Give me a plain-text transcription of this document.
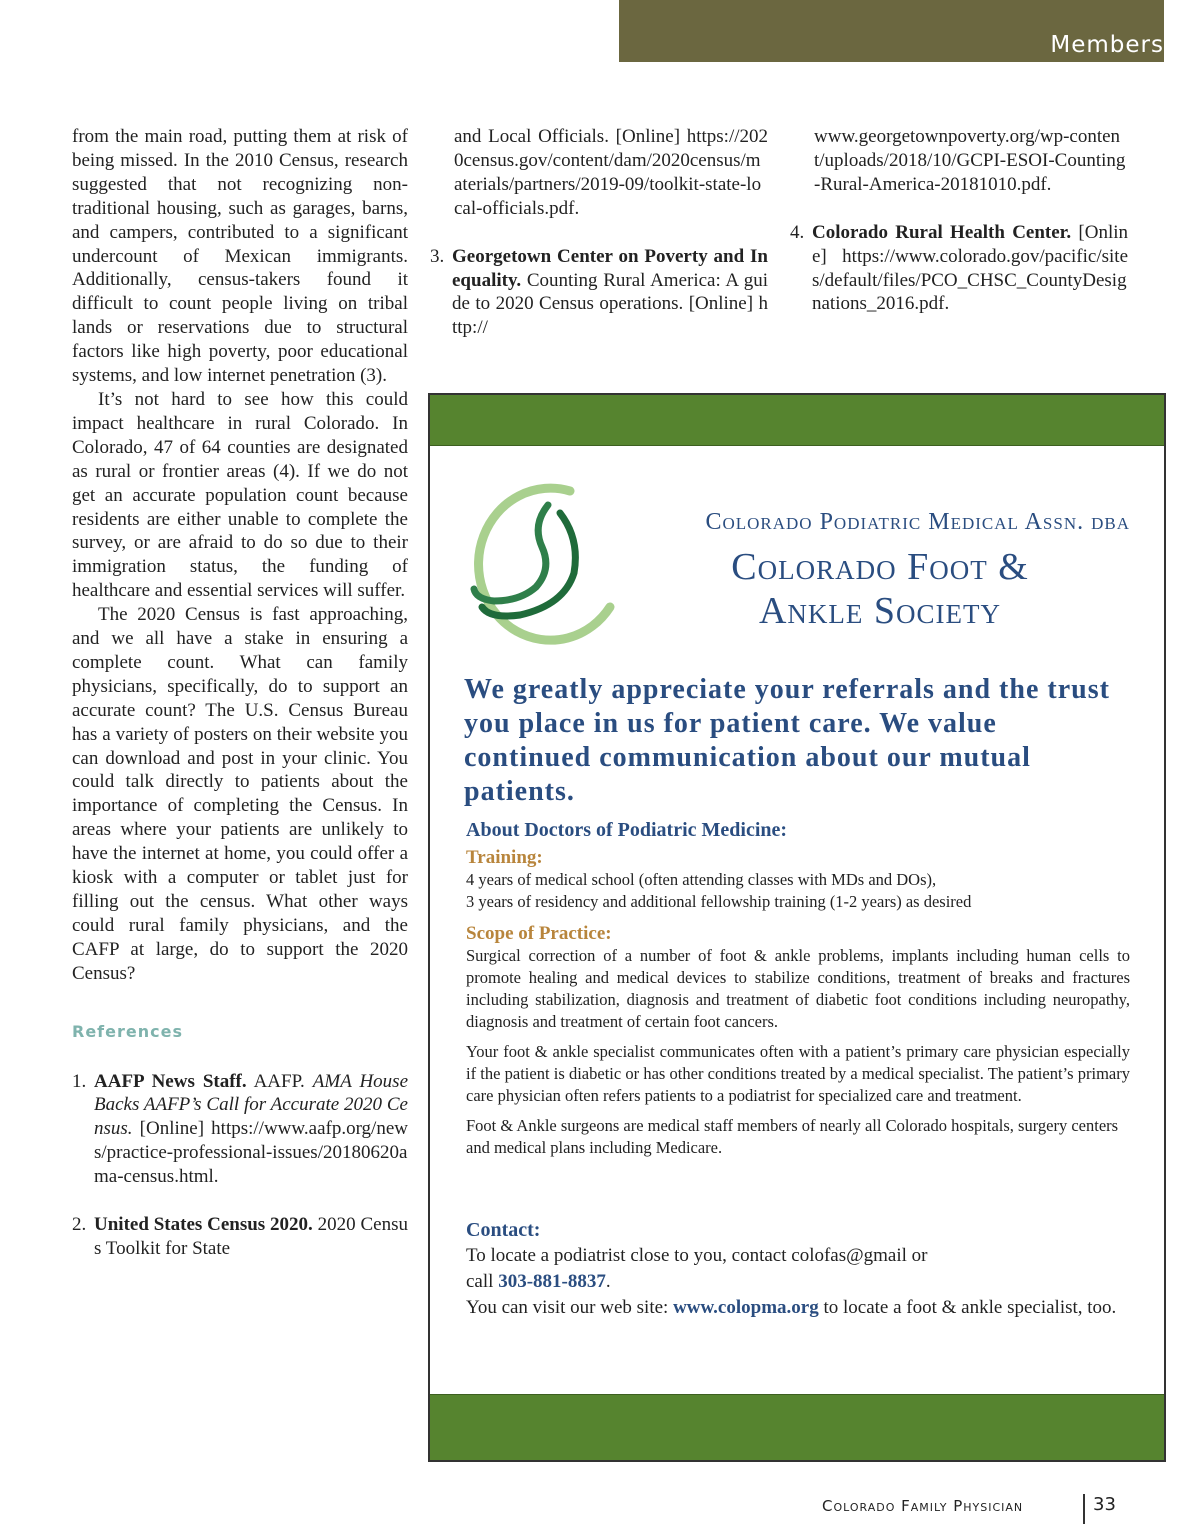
Members

from the main road, putting them at risk of being missed. In the 2010 Census, research suggested that not recognizing non-traditional housing, such as garages, barns, and campers, contributed to a significant undercount of Mexican immigrants. Additionally, census-takers found it difficult to count people living on tribal lands or reservations due to structural factors like high poverty, poor educational systems, and low internet penetration (3).

It’s not hard to see how this could impact healthcare in rural Colorado. In Colorado, 47 of 64 counties are designated as rural or frontier areas (4). If we do not get an accurate population count because residents are either unable to complete the survey, or are afraid to do so due to their immigration status, the funding of healthcare and essential services will suffer.

The 2020 Census is fast approaching, and we all have a stake in ensuring a complete count. What can family physicians, specifically, do to support an accurate count? The U.S. Census Bureau has a variety of posters on their website you can download and post in your clinic. You could talk directly to patients about the importance of completing the Census. In areas where your patients are unlikely to have the internet at home, you could offer a kiosk with a computer or tablet just for filling out the census. What other ways could rural family physicians, and the CAFP at large, do to support the 2020 Census?

References
1. AAFP News Staff. AAFP. AMA House Backs AAFP’s Call for Accurate 2020 Census. [Online] https://www.aafp.org/news/practice-professional-issues/20180620ama-census.html.
2. United States Census 2020. 2020 Census Toolkit for State
and Local Officials. [Online] https://2020census.gov/content/dam/2020census/materials/partners/2019-09/toolkit-state-local-officials.pdf.
3. Georgetown Center on Poverty and Inequality. Counting Rural America: A guide to 2020 Census operations. [Online] http://
www.georgetownpoverty.org/wp-content/uploads/2018/10/GCPI-ESOI-Counting-Rural-America-20181010.pdf.
4. Colorado Rural Health Center. [Online] https://www.colorado.gov/pacific/sites/default/files/PCO_CHSC_CountyDesignations_2016.pdf.
Colorado Podiatric Medical Assn. dba
Colorado Foot &
Ankle Society
We greatly appreciate your referrals and the trust you place in us for patient care. We value continued communication about our mutual patients.
About Doctors of Podiatric Medicine:
Training:
4 years of medical school (often attending classes with MDs and DOs),
3 years of residency and additional fellowship training (1-2 years) as desired
Scope of Practice:

Surgical correction of a number of foot & ankle problems, implants including human cells to promote healing and medical devices to stabilize conditions, treatment of breaks and fractures including stabilization, diagnosis and treatment of diabetic foot conditions including neuropathy, diagnosis and treatment of certain foot cancers.

Your foot & ankle specialist communicates often with a patient’s primary care physician especially if the patient is diabetic or has other conditions treated by a medical specialist. The patient’s primary care physician often refers patients to a podiatrist for specialized care and treatment.

Foot & Ankle surgeons are medical staff members of nearly all Colorado hospitals, surgery centers and medical plans including Medicare.

Contact:
To locate a podiatrist close to you, contact colofas@gmail or
call 303-881-8837.
You can visit our web site: www.colopma.org to locate a foot & ankle specialist, too.
Colorado Family Physician	33
